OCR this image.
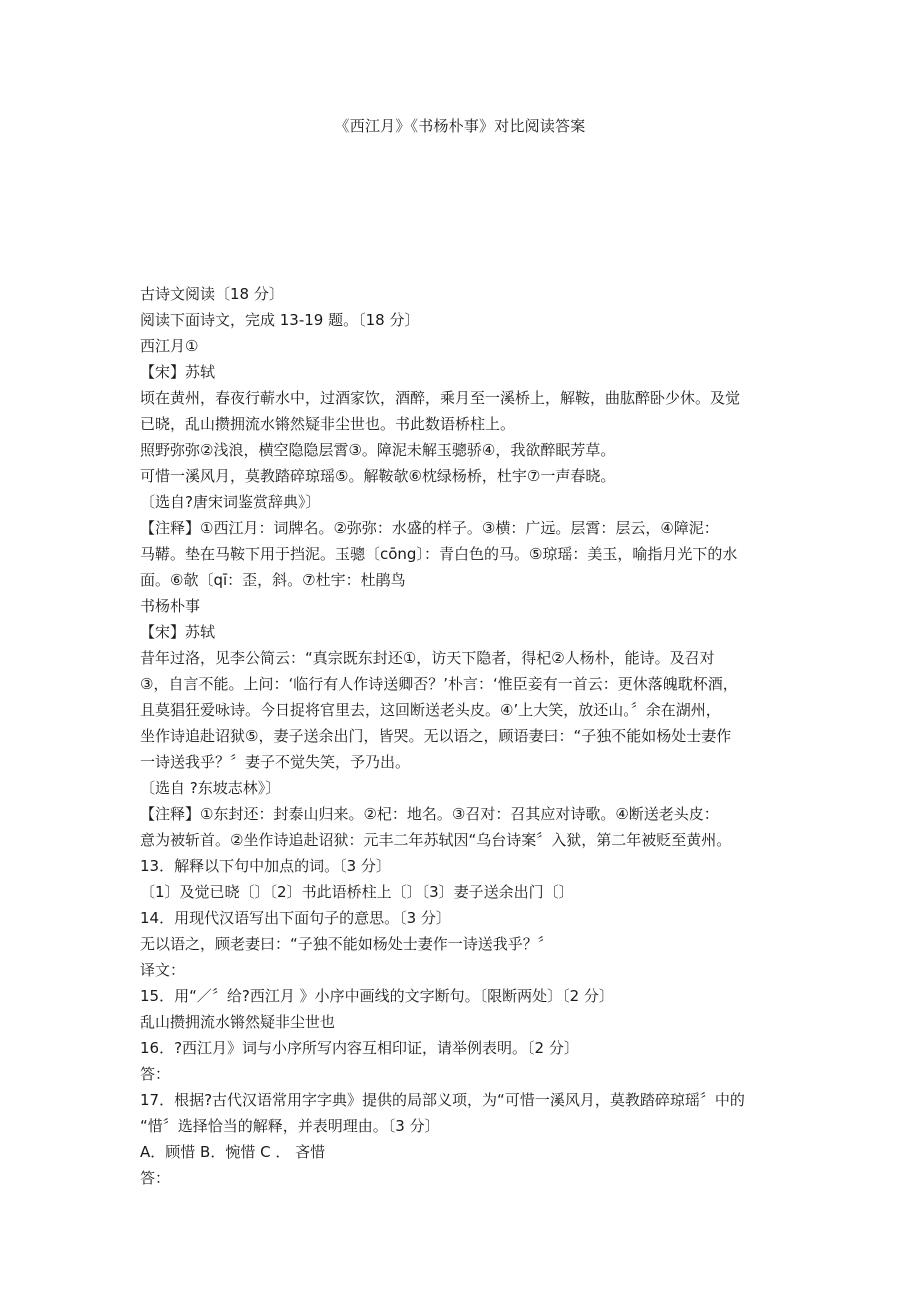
《西江月》《书杨朴事》对比阅读答案

古诗文阅读〔18 分〕

阅读下面诗文，完成 13-19 题。〔18 分〕

西江月①

【宋】苏轼

顷在黄州，春夜行蕲水中，过酒家饮，酒醉，乘月至一溪桥上，解鞍，曲肱醉卧少休。及觉

已晓，乱山攒拥流水锵然疑非尘世也。书此数语桥柱上。

照野弥弥②浅浪，横空隐隐层霄③。障泥未解玉骢骄④，我欲醉眠芳草。

可惜一溪风月，莫教踏碎琼瑶⑤。解鞍欹⑥枕绿杨桥，杜宇⑦一声春晓。

〔选自?唐宋词鉴赏辞典》〕

【注释】①西江月：词牌名。②弥弥：水盛的样子。③横：广远。层霄：层云，④障泥：

马鞯。垫在马鞍下用于挡泥。玉骢〔cōng〕：青白色的马。⑤琼瑶：美玉，喻指月光下的水

面。⑥欹〔qī：歪，斜。⑦杜宇：杜鹃鸟

书杨朴事

【宋】苏轼

昔年过洛，见李公简云：“真宗既东封还①，访天下隐者，得杞②人杨朴，能诗。及召对

③，自言不能。上问：‘临行有人作诗送卿否？’朴言：‘惟臣妾有一首云：更休落魄耽杯酒，

且莫猖狂爱咏诗。今日捉将官里去，这回断送老头皮。④’上大笑，放还山。〞余在湖州，

坐作诗追赴诏狱⑤，妻子送余出门，皆哭。无以语之，顾语妻曰：“子独不能如杨处士妻作

一诗送我乎？〞妻子不觉失笑，予乃出。

〔选自 ?东坡志林》〕

【注释】①东封还：封泰山归来。②杞：地名。③召对：召其应对诗歌。④断送老头皮：

意为被斩首。②坐作诗追赴诏狱：元丰二年苏轼因“乌台诗案〞入狱，第二年被贬至黄州。

13．解释以下句中加点的词。〔3 分〕

〔1〕及觉已晓〔〕〔2〕书此语桥柱上〔〕〔3〕妻子送余出门〔〕

14．用现代汉语写出下面句子的意思。〔3 分〕

无以语之，顾老妻曰：“子独不能如杨处士妻作一诗送我乎？〞

译文：

15．用“／〞给?西江月 》小序中画线的文字断句。〔限断两处〕〔2 分〕

乱山攒拥流水锵然疑非尘世也

16．?西江月》词与小序所写内容互相印证，请举例表明。〔2 分〕

答：

17．根据?古代汉语常用字字典》提供的局部义项，为“可惜一溪风月，莫教踏碎琼瑶〞中的

“惜〞选择恰当的解释，并表明理由。〔3 分〕

A．顾惜 B．惋惜 C ． 吝惜

答：
